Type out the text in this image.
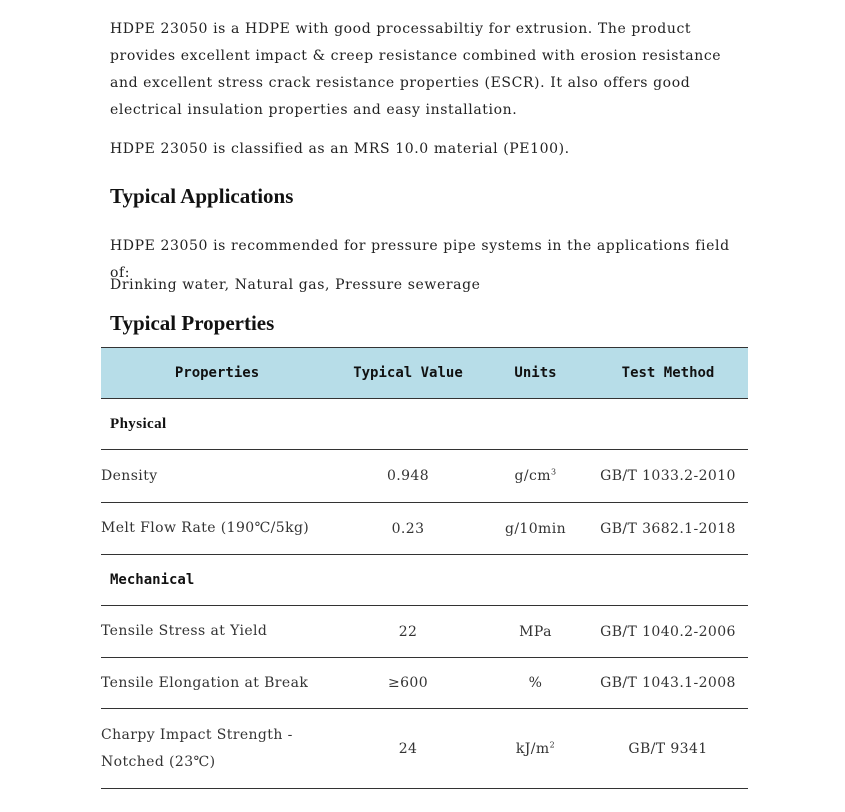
HDPE 23050 is a HDPE with good processabiltiy for extrusion. The product provides excellent impact & creep resistance combined with erosion resistance and excellent stress crack resistance properties (ESCR). It also offers good electrical insulation properties and easy installation.

HDPE 23050 is classified as an MRS 10.0 material (PE100).

Typical Applications

HDPE 23050 is recommended for pressure pipe systems in the applications field of:

Drinking water, Natural gas, Pressure sewerage

Typical Properties
Properties	Typical Value	Units	Test Method
Physical			
Density	0.948	$g/cm^3$	GB/T 1033.2-2010
Melt Flow Rate (190℃/5kg)	0.23	g/10min	GB/T 3682.1-2018
Mechanical			
Tensile Stress at Yield	22	MPa	GB/T 1040.2-2006
Tensile Elongation at Break	≥600	%	GB/T 1043.1-2008
Charpy Impact Strength - Notched (23℃)	24	$kJ/m^2$	GB/T 9341
